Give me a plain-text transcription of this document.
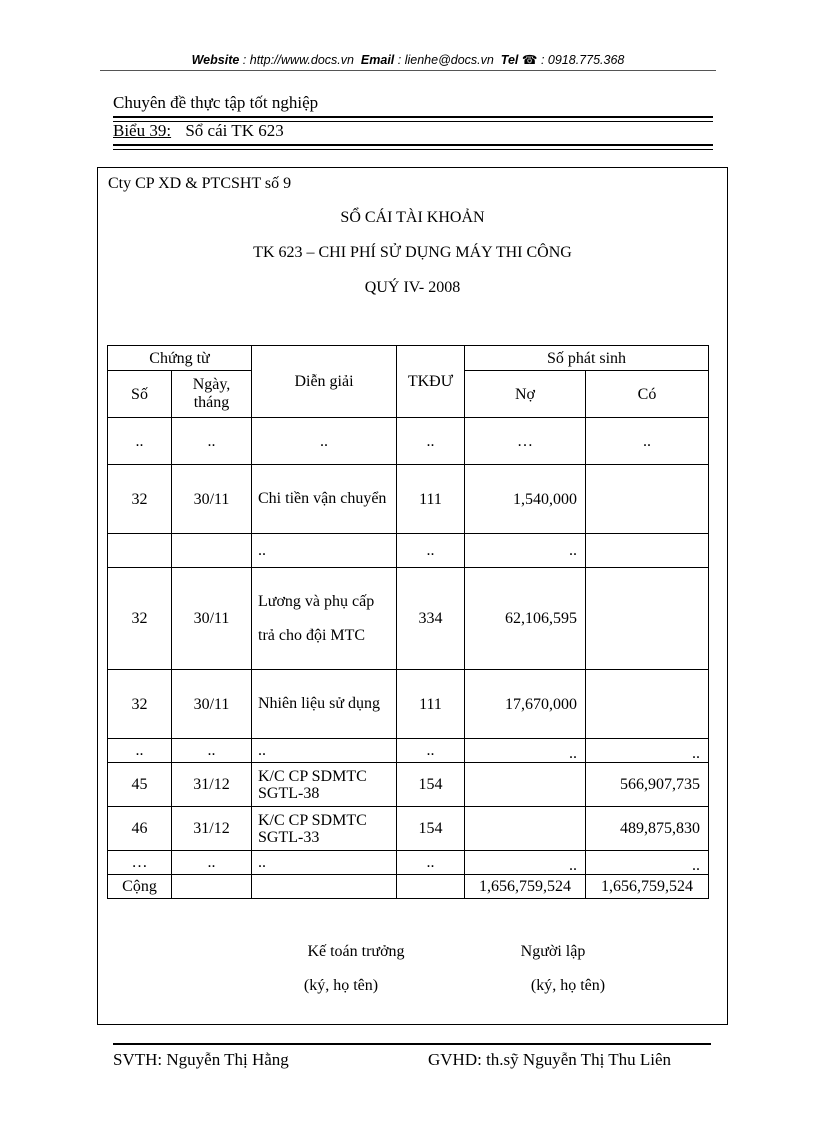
Website : http://www.docs.vn Email : lienhe@docs.vn Tel ☎ : 0918.775.368
Chuyên đề thực tập tốt nghiệp
Biểu 39: Sổ cái TK 623
Cty CP XD & PTCSHT số 9
SỔ CÁI TÀI KHOẢN
TK 623 – CHI PHÍ SỬ DỤNG MÁY THI CÔNG
QUÝ IV- 2008
Chứng từ		Diễn giải	TKĐƯ	Số phát sinh	
Số	Ngày, tháng			Nợ	Có
..	..	..	..	…	..
32	30/11	Chi tiền vận chuyển	111	1,540,000	
		..	..	..	
32	30/11	Lương và phụ cấp trả cho đội MTC	334	62,106,595	
32	30/11	Nhiên liệu sử dụng	111	17,670,000	
..	..	..	..	..	..
45	31/12	K/C CP SDMTC SGTL-38	154		566,907,735
46	31/12	K/C CP SDMTC SGTL-33	154		489,875,830
…	..	..	..	..	..
Cộng				1,656,759,524	1,656,759,524
Kế toán trưởng
(ký, họ tên)
Người lập
(ký, họ tên)
SVTH: Nguyễn Thị Hằng	GVHD: th.sỹ Nguyễn Thị Thu Liên
